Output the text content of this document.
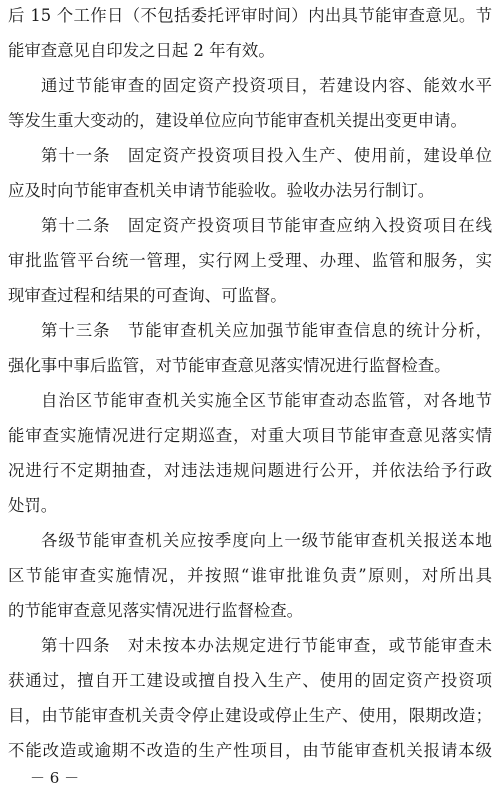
后 15 个工作日（不包括委托评审时间）内出具节能审查意见。节
能审查意见自印发之日起 2 年有效。
通过节能审查的固定资产投资项目，若建设内容、能效水平
等发生重大变动的，建设单位应向节能审查机关提出变更申请。
第十一条　固定资产投资项目投入生产、使用前，建设单位
应及时向节能审查机关申请节能验收。验收办法另行制订。
第十二条　固定资产投资项目节能审查应纳入投资项目在线
审批监管平台统一管理，实行网上受理、办理、监管和服务，实
现审查过程和结果的可查询、可监督。
第十三条　节能审查机关应加强节能审查信息的统计分析，
强化事中事后监管，对节能审查意见落实情况进行监督检查。
自治区节能审查机关实施全区节能审查动态监管，对各地节
能审查实施情况进行定期巡查，对重大项目节能审查意见落实情
况进行不定期抽查，对违法违规问题进行公开，并依法给予行政
处罚。
各级节能审查机关应按季度向上一级节能审查机关报送本地
区节能审查实施情况，并按照“谁审批谁负责”原则，对所出具
的节能审查意见落实情况进行监督检查。
第十四条　对未按本办法规定进行节能审查，或节能审查未
获通过，擅自开工建设或擅自投入生产、使用的固定资产投资项
目，由节能审查机关责令停止建设或停止生产、使用，限期改造；
不能改造或逾期不改造的生产性项目，由节能审查机关报请本级
－ 6 －
